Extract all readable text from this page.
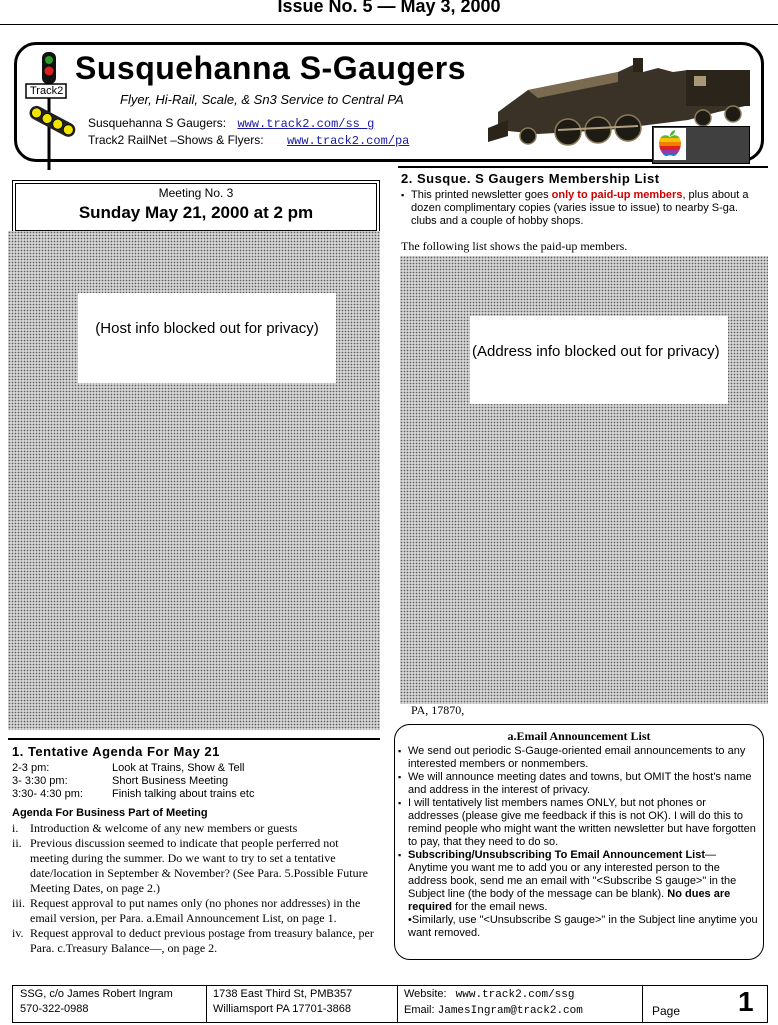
Issue No. 5 — May 3, 2000
Track2
Susquehanna S-Gaugers
Flyer, Hi-Rail, Scale, & Sn3 Service to Central PA
Susquehanna S Gaugers: www.track2.com/ss g
Track2 RailNet –Shows & Flyers: www.track2.com/pa
Meeting No. 3
Sunday May 21, 2000 at 2 pm
(Host info blocked out for privacy)
2. Susque. S Gaugers Membership List
▪ This printed newsletter goes only to paid-up members, plus about a dozen complimentary copies (varies issue to issue) to nearby S-ga. clubs and a couple of hobby shops.
The following list shows the paid-up members.
(Address info blocked out for privacy)
PA, 17870,
a.Email Announcement List
▪ We send out periodic S-Gauge-oriented email announcements to any interested members or nonmembers.
▪ We will announce meeting dates and towns, but OMIT the host's name and address in the interest of privacy.
▪ I will tentatively list members names ONLY, but not phones or addresses (please give me feedback if this is not OK). I will do this to remind people who might want the written newsletter but have forgotten to pay, that they need to do so.
▪ Subscribing/Unsubscribing To Email Announcement List— Anytime you want me to add you or any interested person to the address book, send me an email with "<Subscribe S gauge>" in the Subject line (the body of the message can be blank). No dues are required for the email news.
•Similarly, use "<Unsubscribe S gauge>" in the Subject line anytime you want removed.
1. Tentative Agenda For May 21
2-3 pm:	Look at Trains, Show & Tell
3- 3:30 pm:	Short Business Meeting
3:30- 4:30 pm:	Finish talking about trains etc
Agenda For Business Part of Meeting
i. Introduction & welcome of any new members or guests
ii. Previous discussion seemed to indicate that people perferred not meeting during the summer. Do we want to try to set a tentative date/location in September & November? (See Para. 5.Possible Future Meeting Dates, on page 2.)
iii. Request approval to put names only (no phones nor addresses) in the email version, per Para. a.Email Announcement List, on page 1.
iv. Request approval to deduct previous postage from treasury balance, per Para. c.Treasury Balance—, on page 2.
SSG, c/o James Robert Ingram
570-322-0988
1738 East Third St, PMB357
Williamsport PA 17701-3868
Website: www.track2.com/ssg
Email: JamesIngram@track2.com	Page 1
